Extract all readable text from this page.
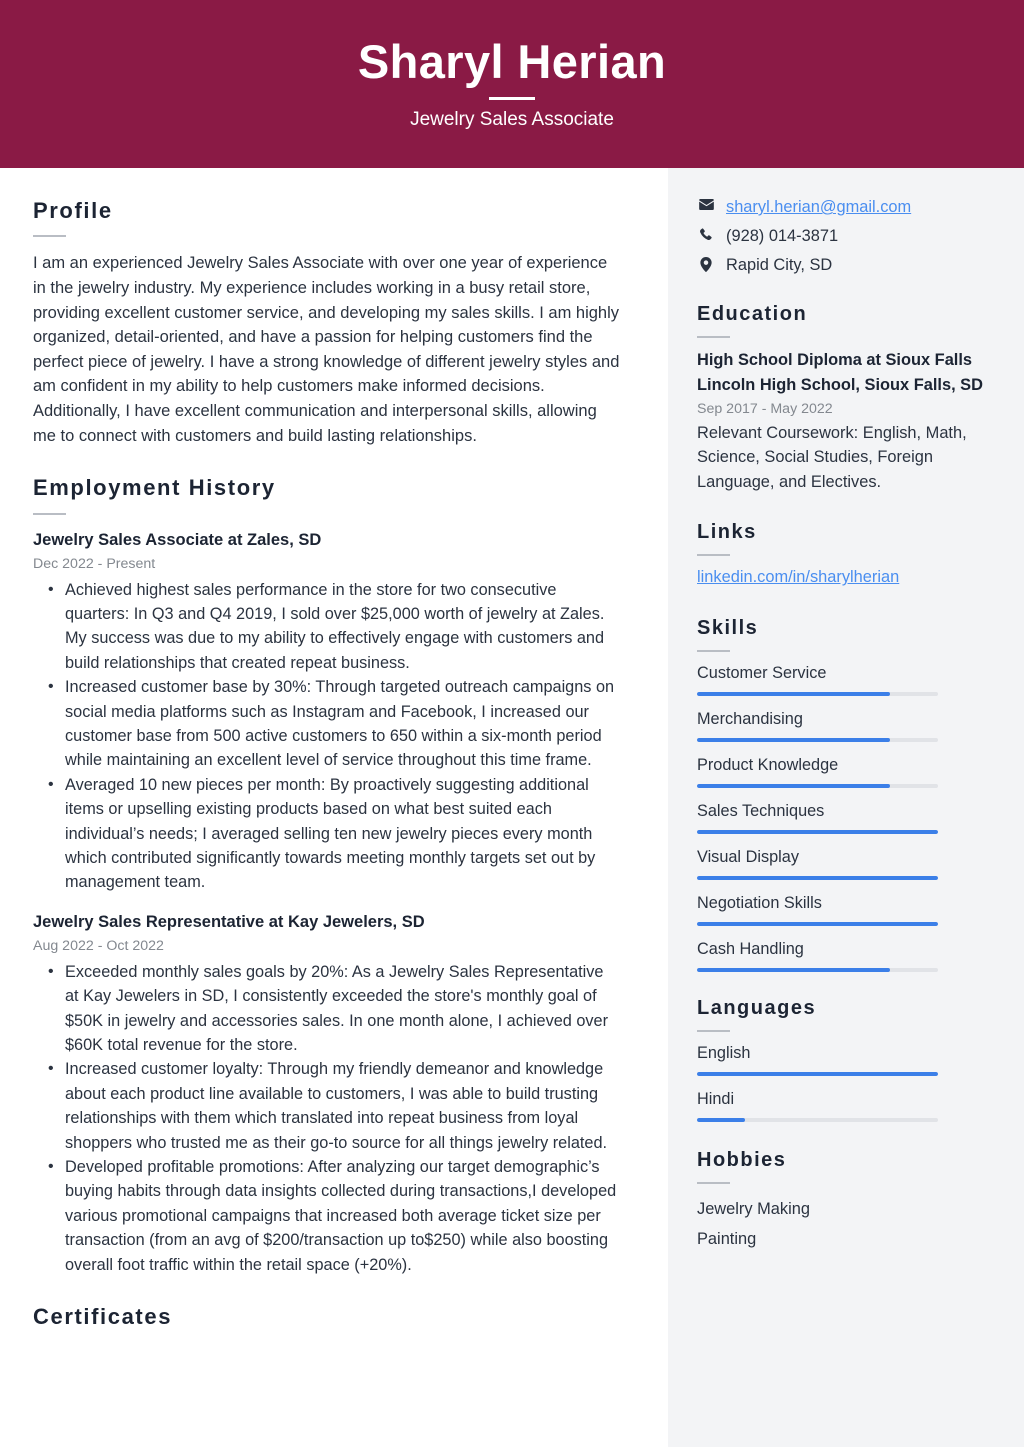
Sharyl Herian
Jewelry Sales Associate
Profile
I am an experienced Jewelry Sales Associate with over one year of experience in the jewelry industry. My experience includes working in a busy retail store, providing excellent customer service, and developing my sales skills. I am highly organized, detail-oriented, and have a passion for helping customers find the perfect piece of jewelry. I have a strong knowledge of different jewelry styles and am confident in my ability to help customers make informed decisions. Additionally, I have excellent communication and interpersonal skills, allowing me to connect with customers and build lasting relationships.
Employment History
Jewelry Sales Associate at Zales, SD
Dec 2022 - Present
• Achieved highest sales performance in the store for two consecutive quarters: In Q3 and Q4 2019, I sold over $25,000 worth of jewelry at Zales. My success was due to my ability to effectively engage with customers and build relationships that created repeat business.
• Increased customer base by 30%: Through targeted outreach campaigns on social media platforms such as Instagram and Facebook, I increased our customer base from 500 active customers to 650 within a six-month period while maintaining an excellent level of service throughout this time frame.
• Averaged 10 new pieces per month: By proactively suggesting additional items or upselling existing products based on what best suited each individual’s needs; I averaged selling ten new jewelry pieces every month which contributed significantly towards meeting monthly targets set out by management team.
Jewelry Sales Representative at Kay Jewelers, SD
Aug 2022 - Oct 2022
• Exceeded monthly sales goals by 20%: As a Jewelry Sales Representative at Kay Jewelers in SD, I consistently exceeded the store's monthly goal of $50K in jewelry and accessories sales. In one month alone, I achieved over $60K total revenue for the store.
• Increased customer loyalty: Through my friendly demeanor and knowledge about each product line available to customers, I was able to build trusting relationships with them which translated into repeat business from loyal shoppers who trusted me as their go-to source for all things jewelry related.
• Developed profitable promotions: After analyzing our target demographic’s buying habits through data insights collected during transactions,I developed various promotional campaigns that increased both average ticket size per transaction (from an avg of $200/transaction up to$250) while also boosting overall foot traffic within the retail space (+20%).
Certificates
sharyl.herian@gmail.com
(928) 014-3871
Rapid City, SD
Education
High School Diploma at Sioux Falls Lincoln High School, Sioux Falls, SD
Sep 2017 - May 2022
Relevant Coursework: English, Math, Science, Social Studies, Foreign Language, and Electives.
Links
linkedin.com/in/sharylherian
Skills
Customer Service
Merchandising
Product Knowledge
Sales Techniques
Visual Display
Negotiation Skills
Cash Handling
Languages
English
Hindi
Hobbies
Jewelry Making
Painting
